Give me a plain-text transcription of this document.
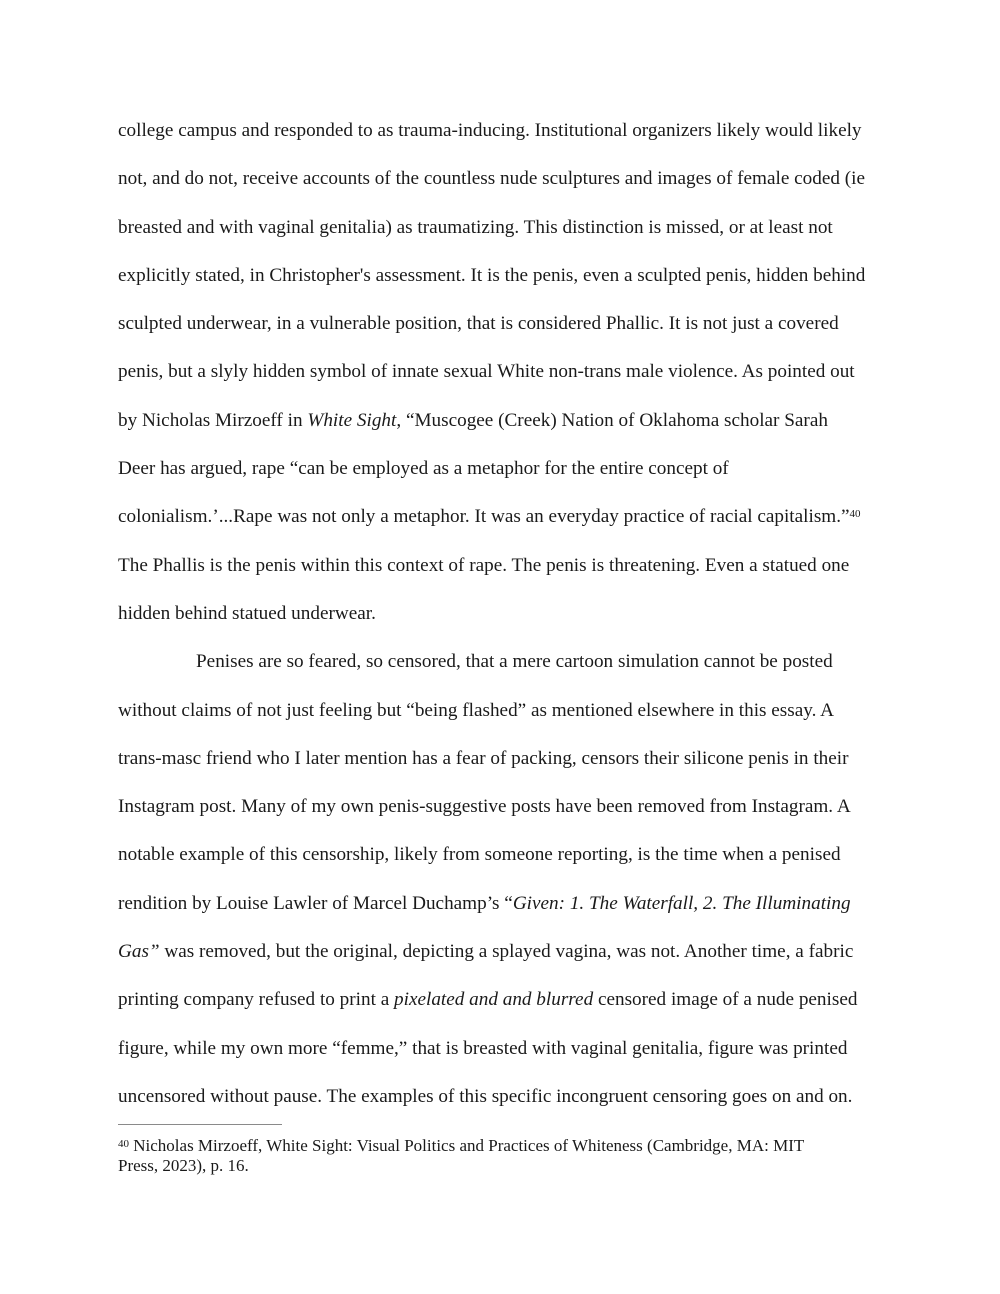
college campus and responded to as trauma-inducing. Institutional organizers likely would likely
not, and do not, receive accounts of the countless nude sculptures and images of female coded (ie
breasted and with vaginal genitalia) as traumatizing. This distinction is missed, or at least not
explicitly stated, in Christopher's assessment. It is the penis, even a sculpted penis, hidden behind
sculpted underwear, in a vulnerable position, that is considered Phallic. It is not just a covered
penis, but a slyly hidden symbol of innate sexual White non-trans male violence. As pointed out
by Nicholas Mirzoeff in White Sight, “Muscogee (Creek) Nation of Oklahoma scholar Sarah
Deer has argued, rape “can be employed as a metaphor for the entire concept of
colonialism.’...Rape was not only a metaphor. It was an everyday practice of racial capitalism.”$^{40}$
The Phallis is the penis within this context of rape. The penis is threatening. Even a statued one
hidden behind statued underwear.
Penises are so feared, so censored, that a mere cartoon simulation cannot be posted
without claims of not just feeling but “being flashed” as mentioned elsewhere in this essay. A
trans-masc friend who I later mention has a fear of packing, censors their silicone penis in their
Instagram post. Many of my own penis-suggestive posts have been removed from Instagram. A
notable example of this censorship, likely from someone reporting, is the time when a penised
rendition by Louise Lawler of Marcel Duchamp’s “Given: 1. The Waterfall, 2. The Illuminating
Gas” was removed, but the original, depicting a splayed vagina, was not. Another time, a fabric
printing company refused to print a pixelated and and blurred censored image of a nude penised
figure, while my own more “femme,” that is breasted with vaginal genitalia, figure was printed
uncensored without pause. The examples of this specific incongruent censoring goes on and on.
$^{40}$ Nicholas Mirzoeff, White Sight: Visual Politics and Practices of Whiteness (Cambridge, MA: MIT
Press, 2023), p. 16.
